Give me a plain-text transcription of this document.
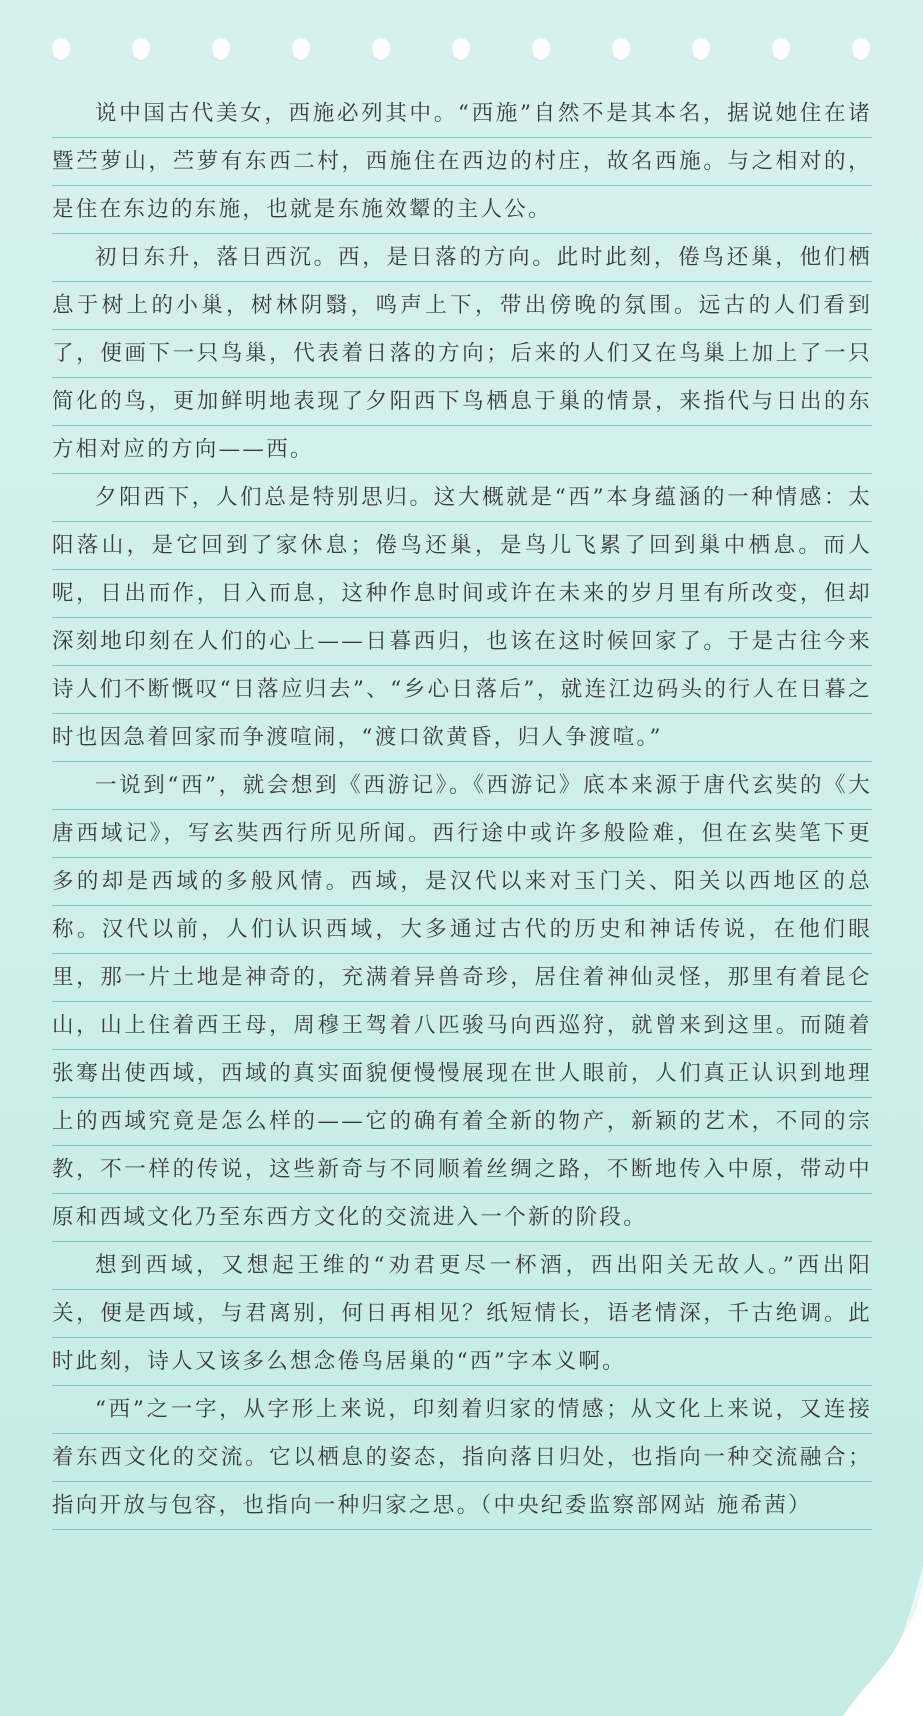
说中国古代美女，西施必列其中。“西施”自然不是其本名，据说她住在诸暨苎萝山，苎萝有东西二村，西施住在西边的村庄，故名西施。与之相对的，是住在东边的东施，也就是东施效颦的主人公。

初日东升，落日西沉。西，是日落的方向。此时此刻，倦鸟还巢，他们栖息于树上的小巢，树林阴翳，鸣声上下，带出傍晚的氛围。远古的人们看到了，便画下一只鸟巢，代表着日落的方向；后来的人们又在鸟巢上加上了一只简化的鸟，更加鲜明地表现了夕阳西下鸟栖息于巢的情景，来指代与日出的东方相对应的方向——西。

夕阳西下，人们总是特别思归。这大概就是“西”本身蕴涵的一种情感：太阳落山，是它回到了家休息；倦鸟还巢，是鸟儿飞累了回到巢中栖息。而人呢，日出而作，日入而息，这种作息时间或许在未来的岁月里有所改变，但却深刻地印刻在人们的心上——日暮西归，也该在这时候回家了。于是古往今来诗人们不断慨叹“日落应归去”、“乡心日落后”，就连江边码头的行人在日暮之时也因急着回家而争渡喧闹，“渡口欲黄昏，归人争渡喧。”

一说到“西”，就会想到《西游记》。《西游记》底本来源于唐代玄奘的《大唐西域记》，写玄奘西行所见所闻。西行途中或许多般险难，但在玄奘笔下更多的却是西域的多般风情。西域，是汉代以来对玉门关、阳关以西地区的总称。汉代以前，人们认识西域，大多通过古代的历史和神话传说，在他们眼里，那一片土地是神奇的，充满着异兽奇珍，居住着神仙灵怪，那里有着昆仑山，山上住着西王母，周穆王驾着八匹骏马向西巡狩，就曾来到这里。而随着张骞出使西域，西域的真实面貌便慢慢展现在世人眼前，人们真正认识到地理上的西域究竟是怎么样的——它的确有着全新的物产，新颖的艺术，不同的宗教，不一样的传说，这些新奇与不同顺着丝绸之路，不断地传入中原，带动中原和西域文化乃至东西方文化的交流进入一个新的阶段。

想到西域，又想起王维的“劝君更尽一杯酒，西出阳关无故人。”西出阳关，便是西域，与君离别，何日再相见？纸短情长，语老情深，千古绝调。此时此刻，诗人又该多么想念倦鸟居巢的“西”字本义啊。

“西”之一字，从字形上来说，印刻着归家的情感；从文化上来说，又连接着东西文化的交流。它以栖息的姿态，指向落日归处，也指向一种交流融合；指向开放与包容，也指向一种归家之思。（中央纪委监察部网站 施希茜）
